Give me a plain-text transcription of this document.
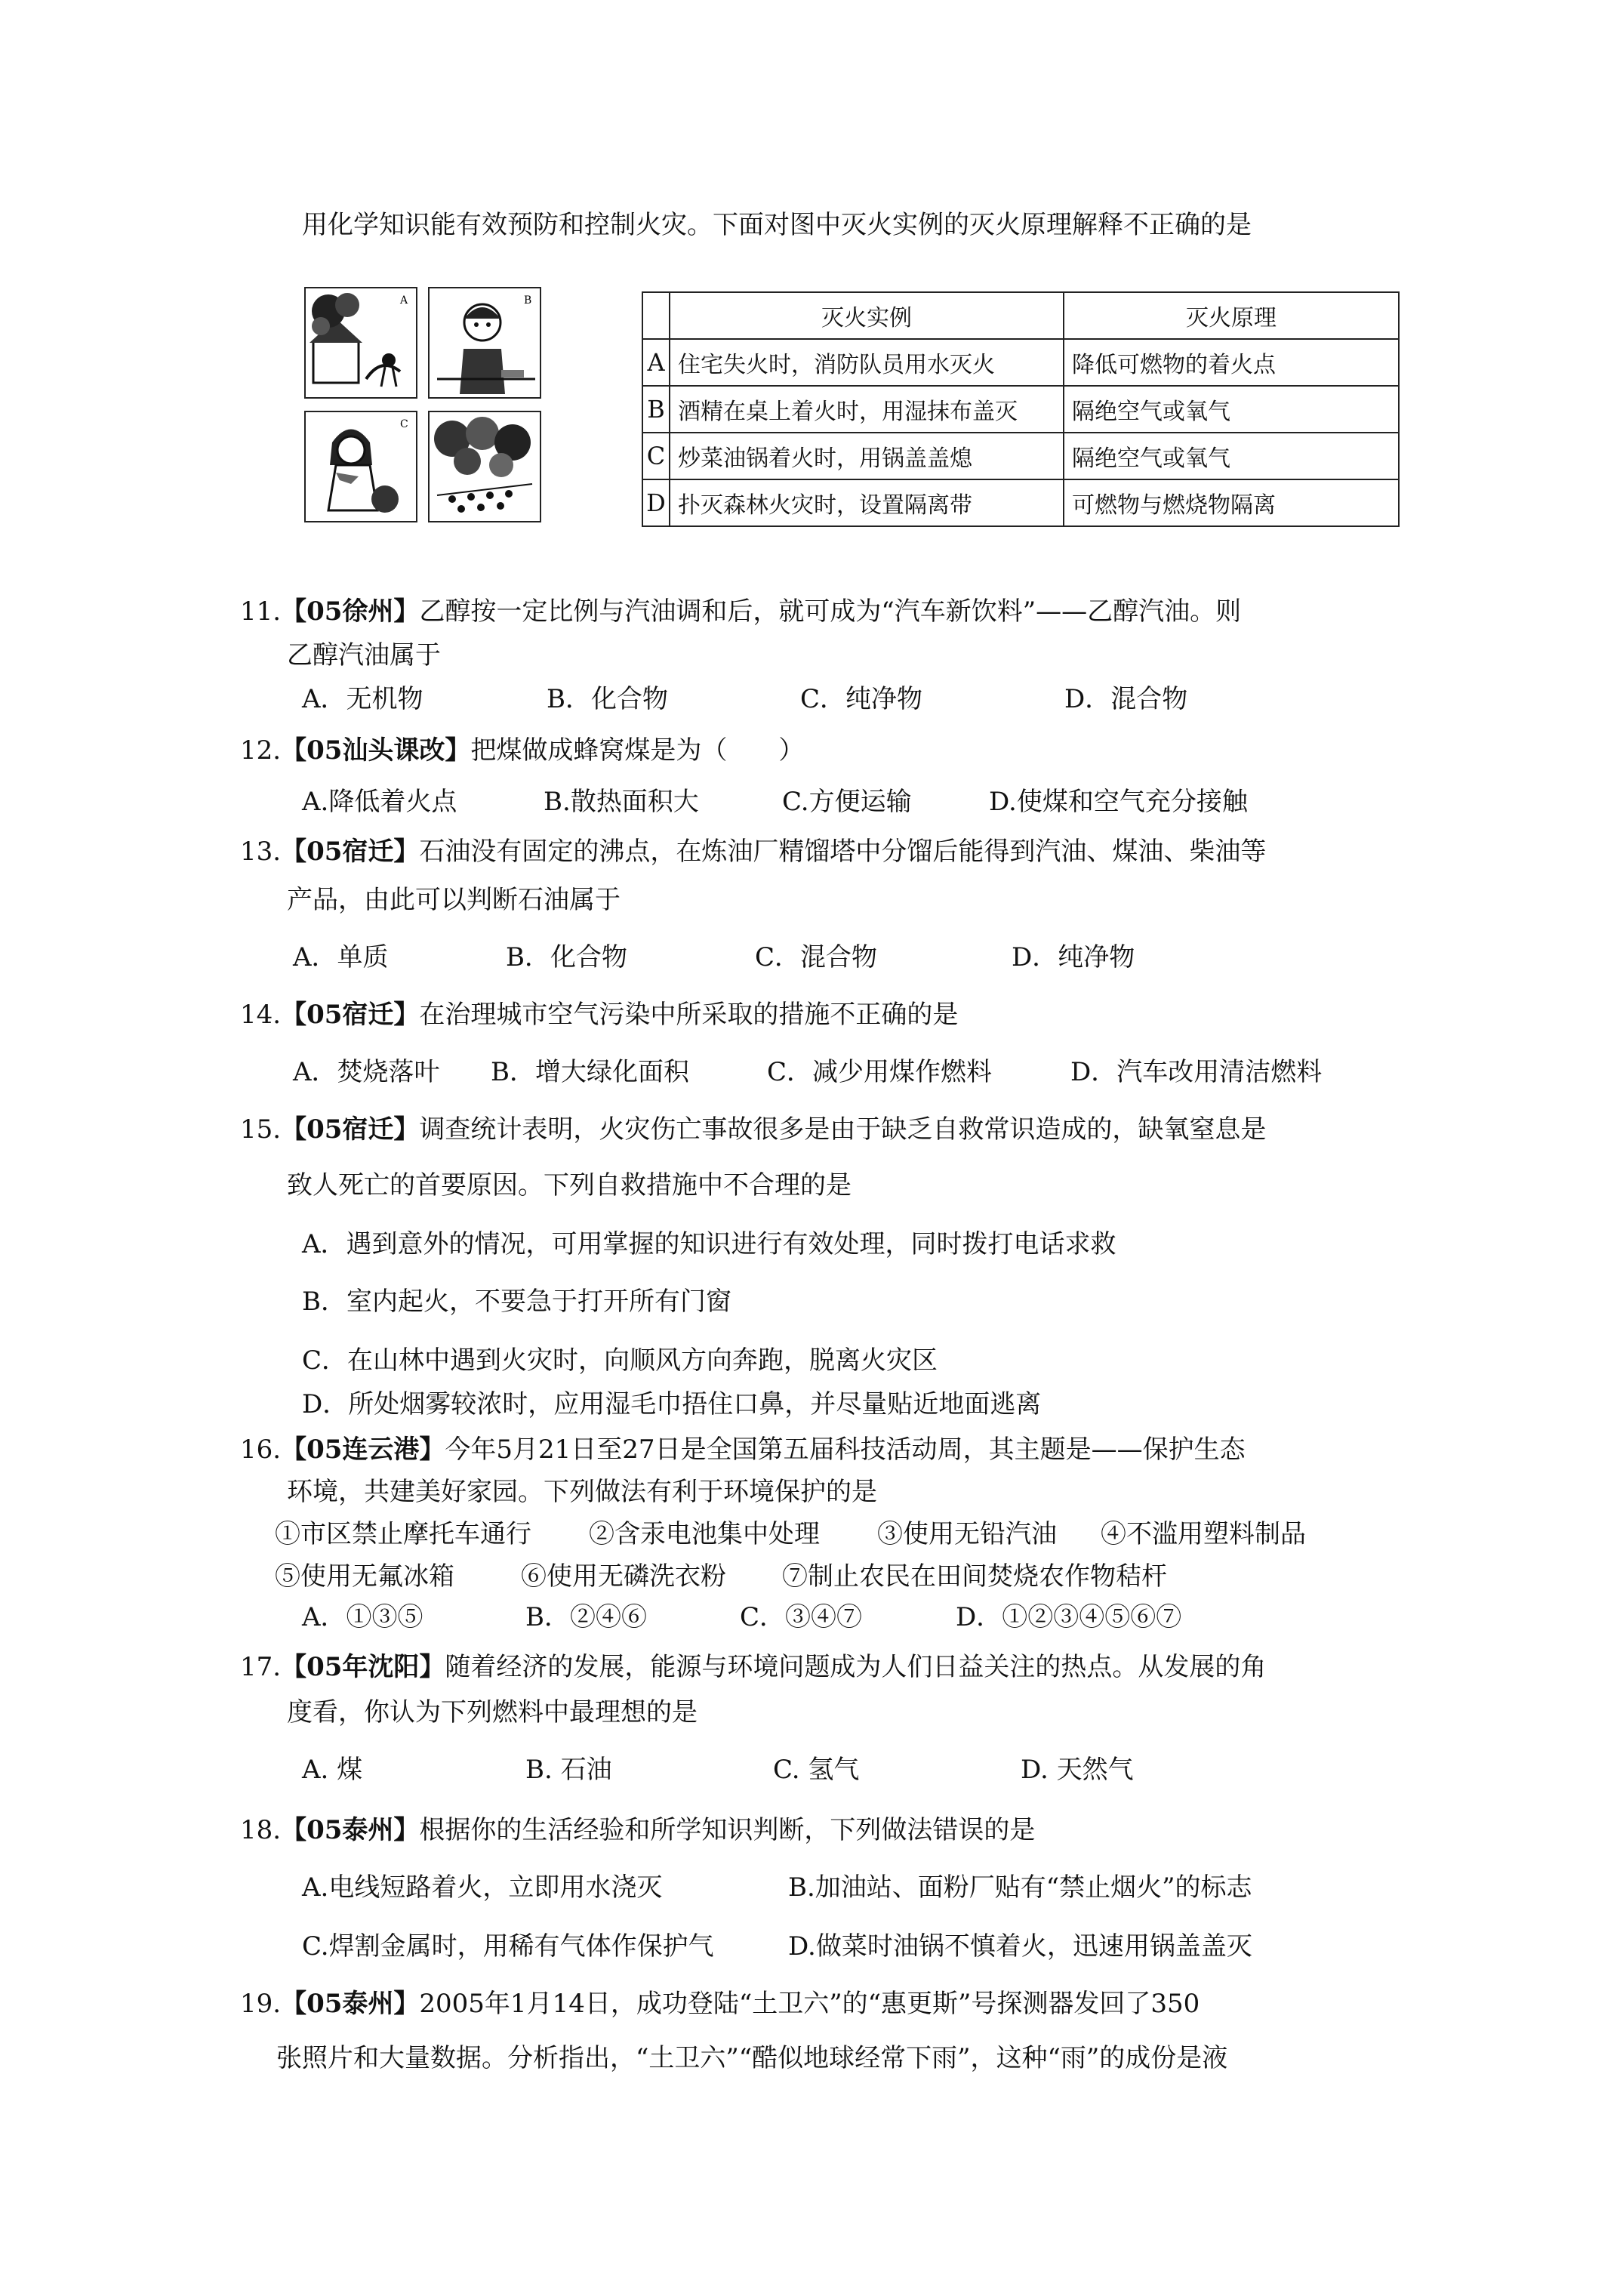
用化学知识能有效预防和控制火灾。下面对图中灭火实例的灭火原理解释不正确的是
A	B
C	D
	灭火实例	灭火原理
A	住宅失火时，消防队员用水灭火	降低可燃物的着火点
B	酒精在桌上着火时，用湿抹布盖灭	隔绝空气或氧气
C	炒菜油锅着火时，用锅盖盖熄	隔绝空气或氧气
D	扑灭森林火灾时，设置隔离带	可燃物与燃烧物隔离
11.【05徐州】乙醇按一定比例与汽油调和后，就可成为“汽车新饮料”——乙醇汽油。则
乙醇汽油属于
A．无机物	B．化合物	C．纯净物	D．混合物
12.【05汕头课改】把煤做成蜂窝煤是为（　　）
A.降低着火点	B.散热面积大	C.方便运输	D.使煤和空气充分接触
13.【05宿迁】石油没有固定的沸点，在炼油厂精馏塔中分馏后能得到汽油、煤油、柴油等
产品，由此可以判断石油属于
A．单质	B．化合物	C．混合物	D．纯净物
14.【05宿迁】在治理城市空气污染中所采取的措施不正确的是
A．焚烧落叶 B．增大绿化面积	C．减少用煤作燃料	D．汽车改用清洁燃料
15.【05宿迁】调查统计表明，火灾伤亡事故很多是由于缺乏自救常识造成的，缺氧窒息是
致人死亡的首要原因。下列自救措施中不合理的是
A．遇到意外的情况，可用掌握的知识进行有效处理，同时拨打电话求救
B．室内起火，不要急于打开所有门窗
C．在山林中遇到火灾时，向顺风方向奔跑，脱离火灾区
D．所处烟雾较浓时，应用湿毛巾捂住口鼻，并尽量贴近地面逃离
16.【05连云港】今年5月21日至27日是全国第五届科技活动周，其主题是——保护生态
环境，共建美好家园。下列做法有利于环境保护的是
①市区禁止摩托车通行 ②含汞电池集中处理 ③使用无铅汽油 ④不滥用塑料制品
⑤使用无氟冰箱	⑥使用无磷洗衣粉 ⑦制止农民在田间焚烧农作物秸杆
A．①③⑤	B．②④⑥	C．③④⑦	D．①②③④⑤⑥⑦
17.【05年沈阳】随着经济的发展，能源与环境问题成为人们日益关注的热点。从发展的角
度看，你认为下列燃料中最理想的是
A. 煤	B. 石油	C. 氢气	D. 天然气
18.【05泰州】根据你的生活经验和所学知识判断，下列做法错误的是
A.电线短路着火，立即用水浇灭	B.加油站、面粉厂贴有“禁止烟火”的标志
C.焊割金属时，用稀有气体作保护气	D.做菜时油锅不慎着火，迅速用锅盖盖灭
19.【05泰州】2005年1月14日，成功登陆“土卫六”的“惠更斯”号探测器发回了350
张照片和大量数据。分析指出，“土卫六”“酷似地球经常下雨”，这种“雨”的成份是液
